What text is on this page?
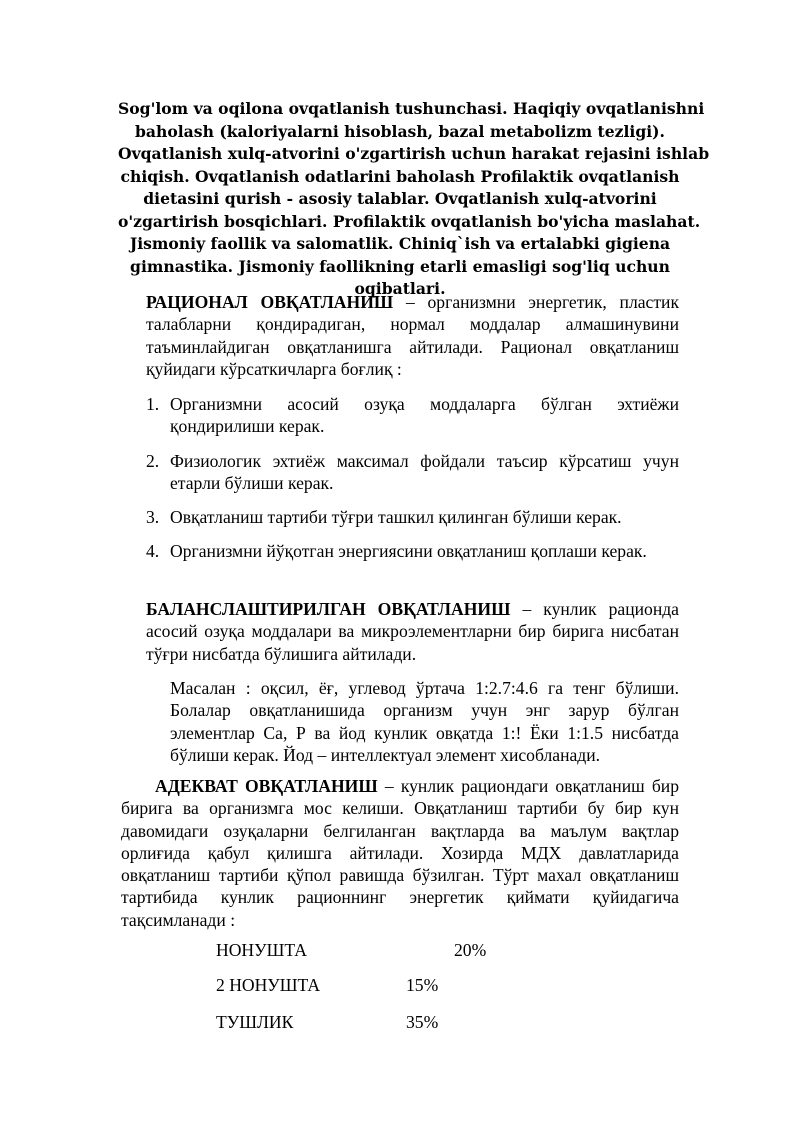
Sog'lom va oqilona ovqatlanish tushunchasi. Haqiqiy ovqatlanishni
baholash (kaloriyalarni hisoblash, bazal metabolizm tezligi).
Ovqatlanish xulq-atvorini o'zgartirish uchun harakat rejasini ishlab
chiqish. Ovqatlanish odatlarini baholash Profilaktik ovqatlanish
dietasini qurish - asosiy talablar. Ovqatlanish xulq-atvorini
o'zgartirish bosqichlari. Profilaktik ovqatlanish bo'yicha maslahat.
Jismoniy faollik va salomatlik. Chiniq`ish va ertalabki gigiena
gimnastika. Jismoniy faollikning etarli emasligi sog'liq uchun
oqibatlari.
РАЦИОНАЛ ОВҚАТЛАНИШ – организмни энергетик, пластик талабларни қондирадиган, нормал моддалар алмашинувини таъминлайдиган овқатланишга айтилади. Рационал овқатланиш қуйидаги кўрсаткичларга боғлиқ :
1. Организмни асосий озуқа моддаларга бўлган эхтиёжи қондирилиши керак.
2. Физиологик эхтиёж максимал фойдали таъсир кўрсатиш учун етарли бўлиши керак.
3. Овқатланиш тартиби тўғри ташкил қилинган бўлиши керак.
4. Организмни йўқотган энергиясини овқатланиш қоплаши керак.
БАЛАНСЛАШТИРИЛГАН ОВҚАТЛАНИШ – кунлик рационда асосий озуқа моддалари ва микроэлементларни бир бирига нисбатан тўғри нисбатда бўлишига айтилади.
Масалан : оқсил, ёғ, углевод ўртача 1:2.7:4.6 га тенг бўлиши. Болалар овқатланишида организм учун энг зарур бўлган элементлар Са, Р ва йод кунлик овқатда 1:! Ёки 1:1.5 нисбатда бўлиши керак. Йод – интеллектуал элемент хисобланади.
АДЕКВАТ ОВҚАТЛАНИШ – кунлик рациондаги овқатланиш бир бирига ва организмга мос келиши. Овқатланиш тартиби бу бир кун давомидаги озуқаларни белгиланган вақтларда ва маълум вақтлар орлиғида қабул қилишга айтилади. Хозирда МДХ давлатларида овқатланиш тартиби қўпол равишда бўзилган. Тўрт махал овқатланиш тартибида кунлик рационнинг энергетик қиймати қуйидагича тақсимланади :
НОНУШТА	20%
2 НОНУШТА	15%
ТУШЛИК	35%
